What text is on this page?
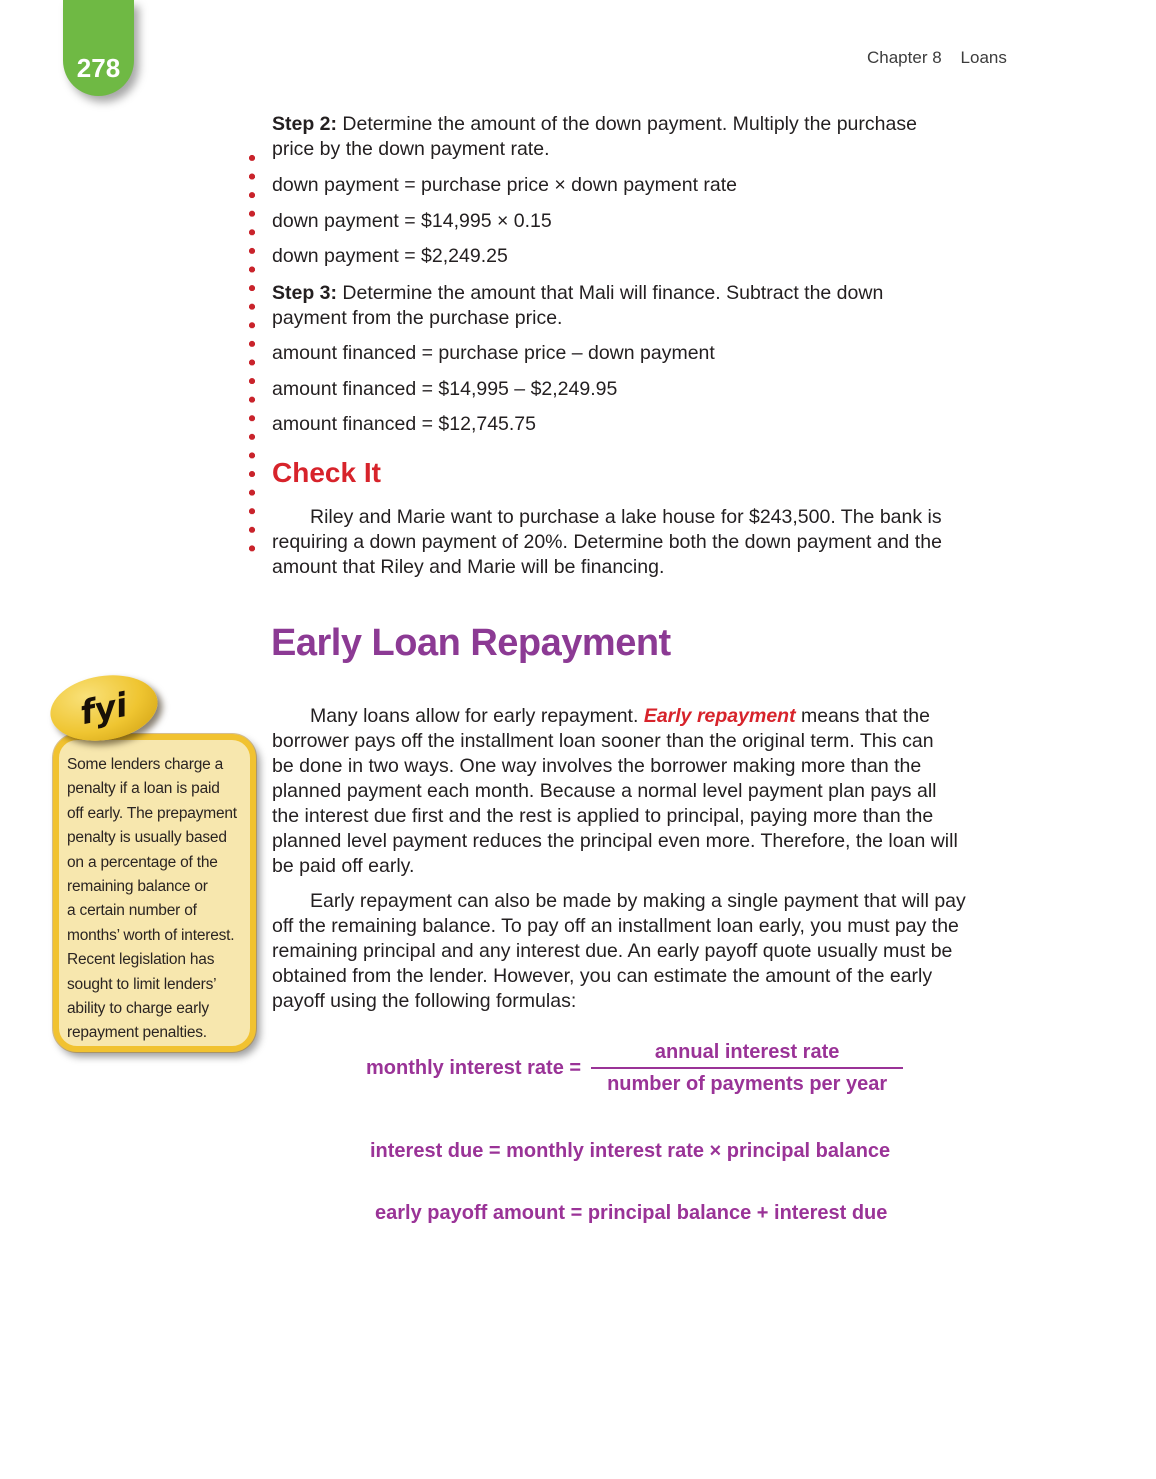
278	Chapter 8    Loans
Step 2: Determine the amount of the down payment. Multiply the purchase
price by the down payment rate.
down payment = purchase price × down payment rate
down payment = $14,995 × 0.15
down payment = $2,249.25
Step 3: Determine the amount that Mali will finance. Subtract the down
payment from the purchase price.
amount financed = purchase price – down payment
amount financed = $14,995 – $2,249.95
amount financed = $12,745.75
Check It
Riley and Marie want to purchase a lake house for $243,500. The bank is
requiring a down payment of 20%. Determine both the down payment and the
amount that Riley and Marie will be financing.
Early Loan Repayment
fyi
Some lenders charge a
penalty if a loan is paid
off early. The prepayment
penalty is usually based
on a percentage of the
remaining balance or
a certain number of
months’ worth of interest.
Recent legislation has
sought to limit lenders’
ability to charge early
repayment penalties.
Many loans allow for early repayment. Early repayment means that the
borrower pays off the installment loan sooner than the original term. This can
be done in two ways. One way involves the borrower making more than the
planned payment each month. Because a normal level payment plan pays all
the interest due first and the rest is applied to principal, paying more than the
planned level payment reduces the principal even more. Therefore, the loan will
be paid off early.
Early repayment can also be made by making a single payment that will pay
off the remaining balance. To pay off an installment loan early, you must pay the
remaining principal and any interest due. An early payoff quote usually must be
obtained from the lender. However, you can estimate the amount of the early
payoff using the following formulas:
monthly interest rate = $\frac{\text{annual interest rate}}{\text{number of payments per year}}$
interest due = monthly interest rate × principal balance
early payoff amount = principal balance + interest due
